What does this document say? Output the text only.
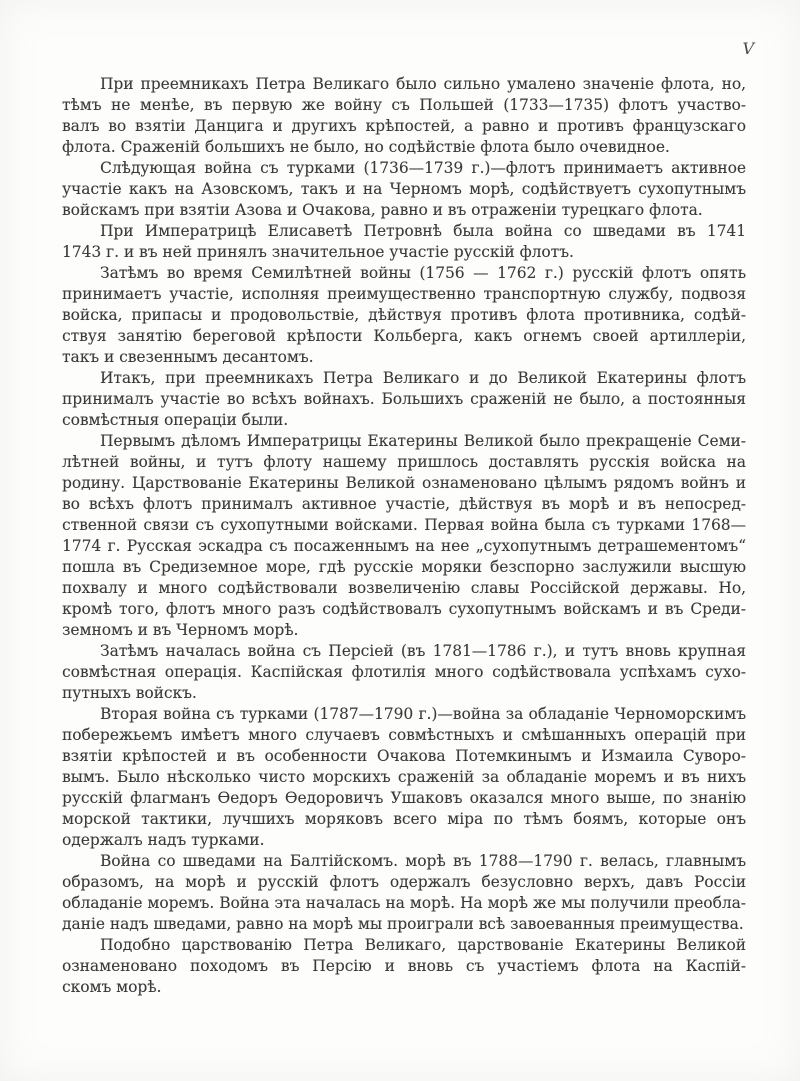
V

При преемникахъ Петра Великаго было сильно умалено значеніе флота, но,
тѣмъ не менѣе, въ первую же войну съ Польшей (1733—1735) флотъ участво-
валъ во взятіи Данцига и другихъ крѣпостей, а равно и противъ французскаго
флота. Сраженій большихъ не было, но содѣйствіе флота было очевидное.

Слѣдующая война съ турками (1736—1739 г.)—флотъ принимаетъ активное
участіе какъ на Азовскомъ, такъ и на Черномъ морѣ, содѣйствуетъ сухопутнымъ
войскамъ при взятіи Азова и Очакова, равно и въ отраженіи турецкаго флота.

При Императрицѣ Елисаветѣ Петровнѣ была война со шведами въ 1741
1743 г. и въ ней принялъ значительное участіе русскій флотъ.

Затѣмъ во время Семилѣтней войны (1756 — 1762 г.) русскій флотъ опять
принимаетъ участіе, исполняя преимущественно транспортную службу, подвозя
войска, припасы и продовольствіе, дѣйствуя противъ флота противника, содѣй-
ствуя занятію береговой крѣпости Кольберга, какъ огнемъ своей артиллеріи,
такъ и свезеннымъ десантомъ.

Итакъ, при преемникахъ Петра Великаго и до Великой Екатерины флотъ
принималъ участіе во всѣхъ войнахъ. Большихъ сраженій не было, а постоянныя
совмѣстныя операціи были.

Первымъ дѣломъ Императрицы Екатерины Великой было прекращеніе Семи-
лѣтней войны, и тутъ флоту нашему пришлось доставлять русскія войска на
родину. Царствованіе Екатерины Великой ознаменовано цѣлымъ рядомъ войнъ и
во всѣхъ флотъ принималъ активное участіе, дѣйствуя въ морѣ и въ непосред-
ственной связи съ сухопутными войсками. Первая война была съ турками 1768—
1774 г. Русская эскадра съ посаженнымъ на нее „сухопутнымъ детрашементомъ“
пошла въ Средиземное море, гдѣ русскіе моряки безспорно заслужили высшую
похвалу и много содѣйствовали возвеличенію славы Россійской державы. Но,
кромѣ того, флотъ много разъ содѣйствовалъ сухопутнымъ войскамъ и въ Среди-
земномъ и въ Черномъ морѣ.

Затѣмъ началась война съ Персіей (въ 1781—1786 г.), и тутъ вновь крупная
совмѣстная операція. Каспійская флотилія много содѣйствовала успѣхамъ сухо-
путныхъ войскъ.

Вторая война съ турками (1787—1790 г.)—война за обладаніе Черноморскимъ
побережьемъ имѣетъ много случаевъ совмѣстныхъ и смѣшанныхъ операцій при
взятіи крѣпостей и въ особенности Очакова Потемкинымъ и Измаила Суворо-
вымъ. Было нѣсколько чисто морскихъ сраженій за обладаніе моремъ и въ нихъ
русскій флагманъ Ѳедоръ Ѳедоровичъ Ушаковъ оказался много выше, по знанію
морской тактики, лучшихъ моряковъ всего міра по тѣмъ боямъ, которые онъ
одержалъ надъ турками.

Война со шведами на Балтійскомъ. морѣ въ 1788—1790 г. велась, главнымъ
образомъ, на морѣ и русскій флотъ одержалъ безусловно верхъ, давъ Россіи
обладаніе моремъ. Война эта началась на морѣ. На морѣ же мы получили преобла-
даніе надъ шведами, равно на морѣ мы проиграли всѣ завоеванныя преимущества.

Подобно царствованію Петра Великаго, царствованіе Екатерины Великой
ознаменовано походомъ въ Персію и вновь съ участіемъ флота на Каспій-
скомъ морѣ.
